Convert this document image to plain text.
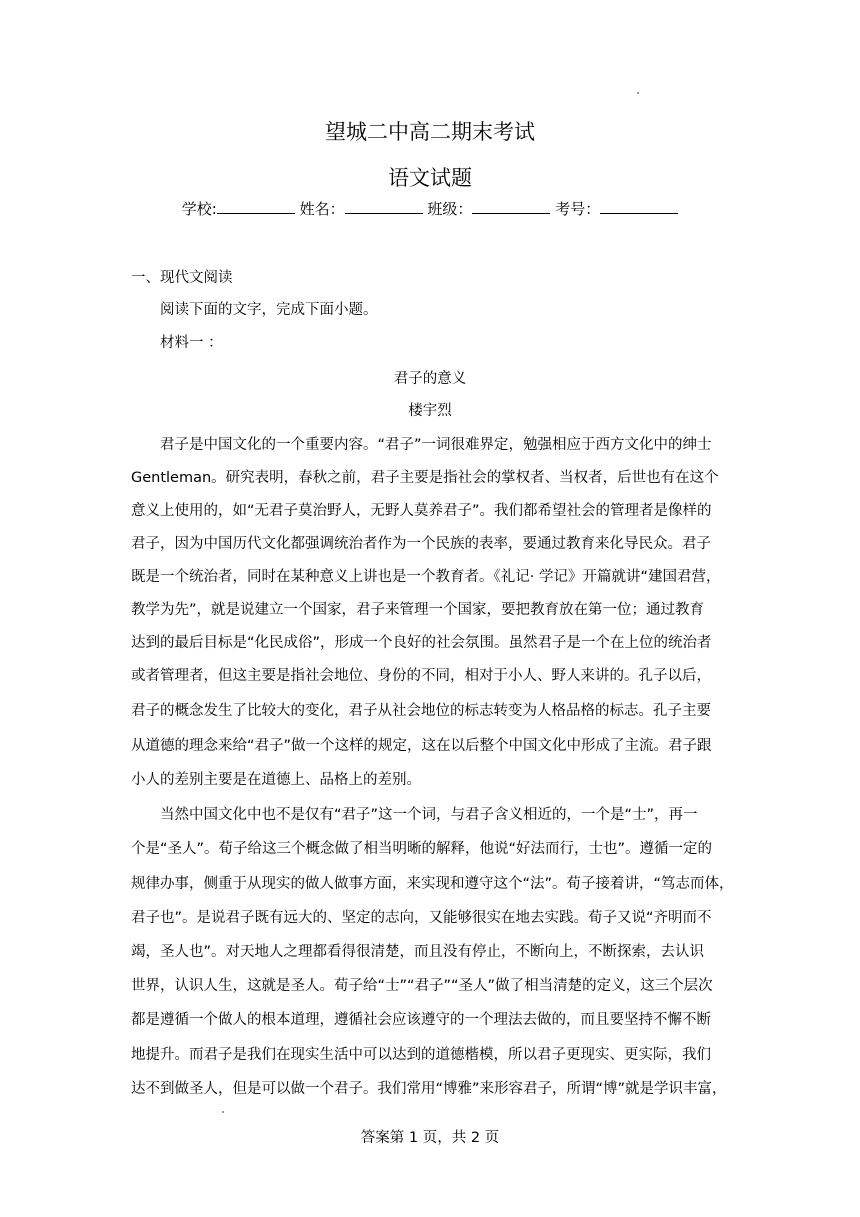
望城二中高二期末考试
语文试题
学校:	姓名：	班级：	考号：
一、现代文阅读
阅读下面的文字，完成下面小题。
材料一 ：
君子的意义
楼宇烈
君子是中国文化的一个重要内容。“君子”一词很难界定，勉强相应于西方文化中的绅士
Gentleman。研究表明，春秋之前，君子主要是指社会的掌权者、当权者，后世也有在这个
意义上使用的，如“无君子莫治野人，无野人莫养君子”。我们都希望社会的管理者是像样的
君子，因为中国历代文化都强调统治者作为一个民族的表率，要通过教育来化导民众。君子
既是一个统治者，同时在某种意义上讲也是一个教育者。《礼记· 学记》开篇就讲“建国君营，
教学为先”，就是说建立一个国家，君子来管理一个国家，要把教育放在第一位；通过教育
达到的最后目标是“化民成俗”，形成一个良好的社会氛围。虽然君子是一个在上位的统治者
或者管理者，但这主要是指社会地位、身份的不同，相对于小人、野人来讲的。孔子以后，
君子的概念发生了比较大的变化，君子从社会地位的标志转变为人格品格的标志。孔子主要
从道德的理念来给“君子”做一个这样的规定，这在以后整个中国文化中形成了主流。君子跟
小人的差别主要是在道德上、品格上的差别。
当然中国文化中也不是仅有“君子”这一个词，与君子含义相近的，一个是“士”，再一
个是“圣人”。荀子给这三个概念做了相当明晰的解释，他说“好法而行，士也”。遵循一定的
规律办事，侧重于从现实的做人做事方面，来实现和遵守这个“法”。荀子接着讲，“笃志而体，
君子也”。是说君子既有远大的、坚定的志向，又能够很实在地去实践。荀子又说“齐明而不
竭，圣人也”。对天地人之理都看得很清楚，而且没有停止，不断向上，不断探索，去认识
世界，认识人生，这就是圣人。荀子给“士”“君子”“圣人”做了相当清楚的定义，这三个层次
都是遵循一个做人的根本道理，遵循社会应该遵守的一个理法去做的，而且要坚持不懈不断
地提升。而君子是我们在现实生活中可以达到的道德楷模，所以君子更现实、更实际，我们
达不到做圣人，但是可以做一个君子。我们常用“博雅”来形容君子，所谓“博”就是学识丰富，
答案第 1 页，共 2 页
